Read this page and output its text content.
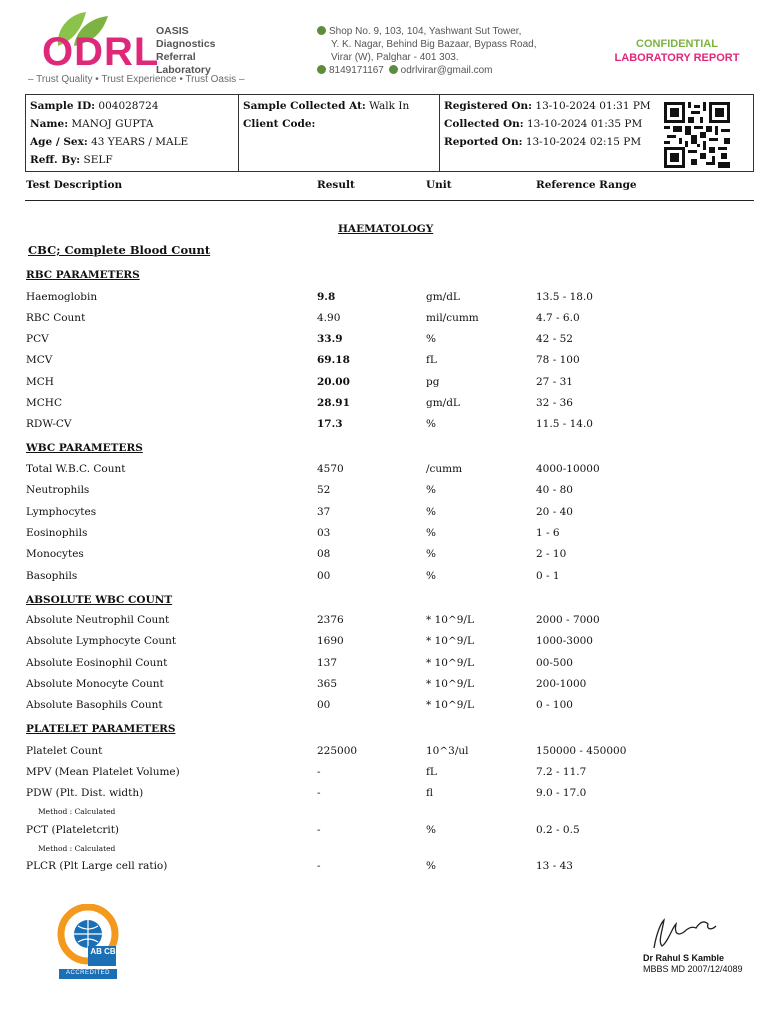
ODRL
OASIS
Diagnostics
Referral
Laboratory
– Trust Quality • Trust Experience • Trust Oasis –
Shop No. 9, 103, 104, Yashwant Sut Tower,
Y. K. Nagar, Behind Big Bazaar, Bypass Road,
Virar (W), Palghar - 401 303.
8149171167 odrlvirar@gmail.com
CONFIDENTIAL
LABORATORY REPORT
Sample ID: 004028724
Name: MANOJ GUPTA
Age / Sex: 43 YEARS / MALE
Reff. By: SELF
Sample Collected At: Walk In
Client Code:
Registered On: 13-10-2024 01:31 PM
Collected On: 13-10-2024 01:35 PM
Reported On: 13-10-2024 02:15 PM
Test Description	Result	Unit	Reference Range
HAEMATOLOGY
CBC; Complete Blood Count
RBC PARAMETERS
Haemoglobin	9.8	gm/dL	13.5 - 18.0
RBC Count	4.90	mil/cumm	4.7 - 6.0
PCV	33.9	%	42 - 52
MCV	69.18	fL	78 - 100
MCH	20.00	pg	27 - 31
MCHC	28.91	gm/dL	32 - 36
RDW-CV	17.3	%	11.5 - 14.0
WBC PARAMETERS
Total W.B.C. Count	4570	/cumm	4000-10000
Neutrophils	52	%	40 - 80
Lymphocytes	37	%	20 - 40
Eosinophils	03	%	1 - 6
Monocytes	08	%	2 - 10
Basophils	00	%	0 - 1
ABSOLUTE WBC COUNT
Absolute Neutrophil Count	2376	* 10^9/L	2000 - 7000
Absolute Lymphocyte Count	1690	* 10^9/L	1000-3000
Absolute Eosinophil Count	137	* 10^9/L	00-500
Absolute Monocyte Count	365	* 10^9/L	200-1000
Absolute Basophils Count	00	* 10^9/L	0 - 100
PLATELET PARAMETERS
Platelet Count	225000	10^3/ul	150000 - 450000
MPV (Mean Platelet Volume)	-	fL	7.2 - 11.7
PDW (Plt. Dist. width)	-	fl	9.0 - 17.0
Method : Calculated
PCT (Plateletcrit)	-	%	0.2 - 0.5
Method : Calculated
PLCR (Plt Large cell ratio)	-	%	13 - 43
AB CB
ACCREDITED
Dr Rahul S Kamble
MBBS MD 2007/12/4089
